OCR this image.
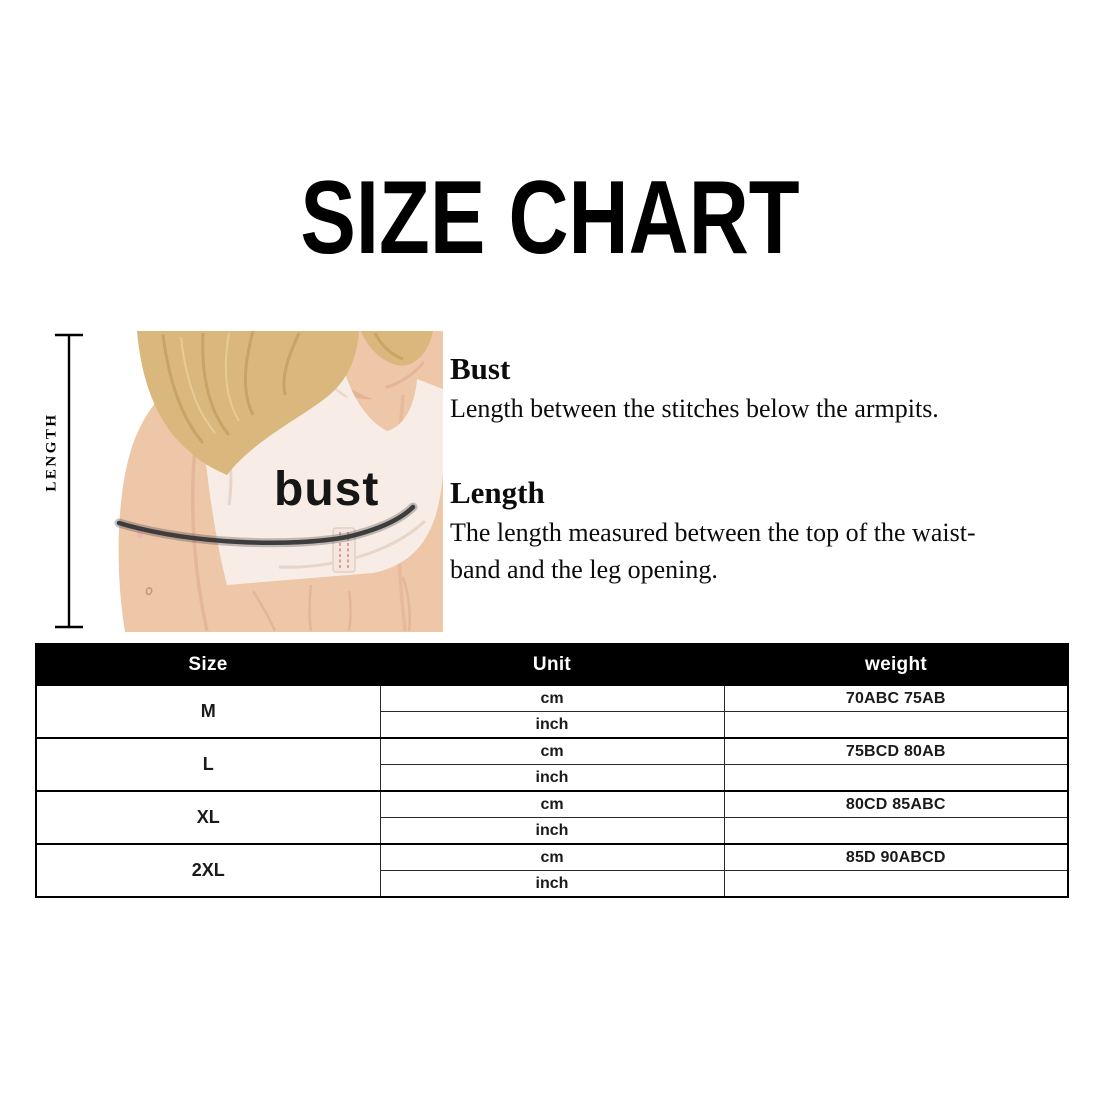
SIZE CHART
LENGTH	bust
Bust
Length between the stitches below the armpits.
Length
The length measured between the top of the waist-
band and the leg opening.
Size	Unit	weight
M	cm	70ABC 75AB
	inch	
L	cm	75BCD 80AB
	inch	
XL	cm	80CD 85ABC
	inch	
2XL	cm	85D 90ABCD
	inch	
